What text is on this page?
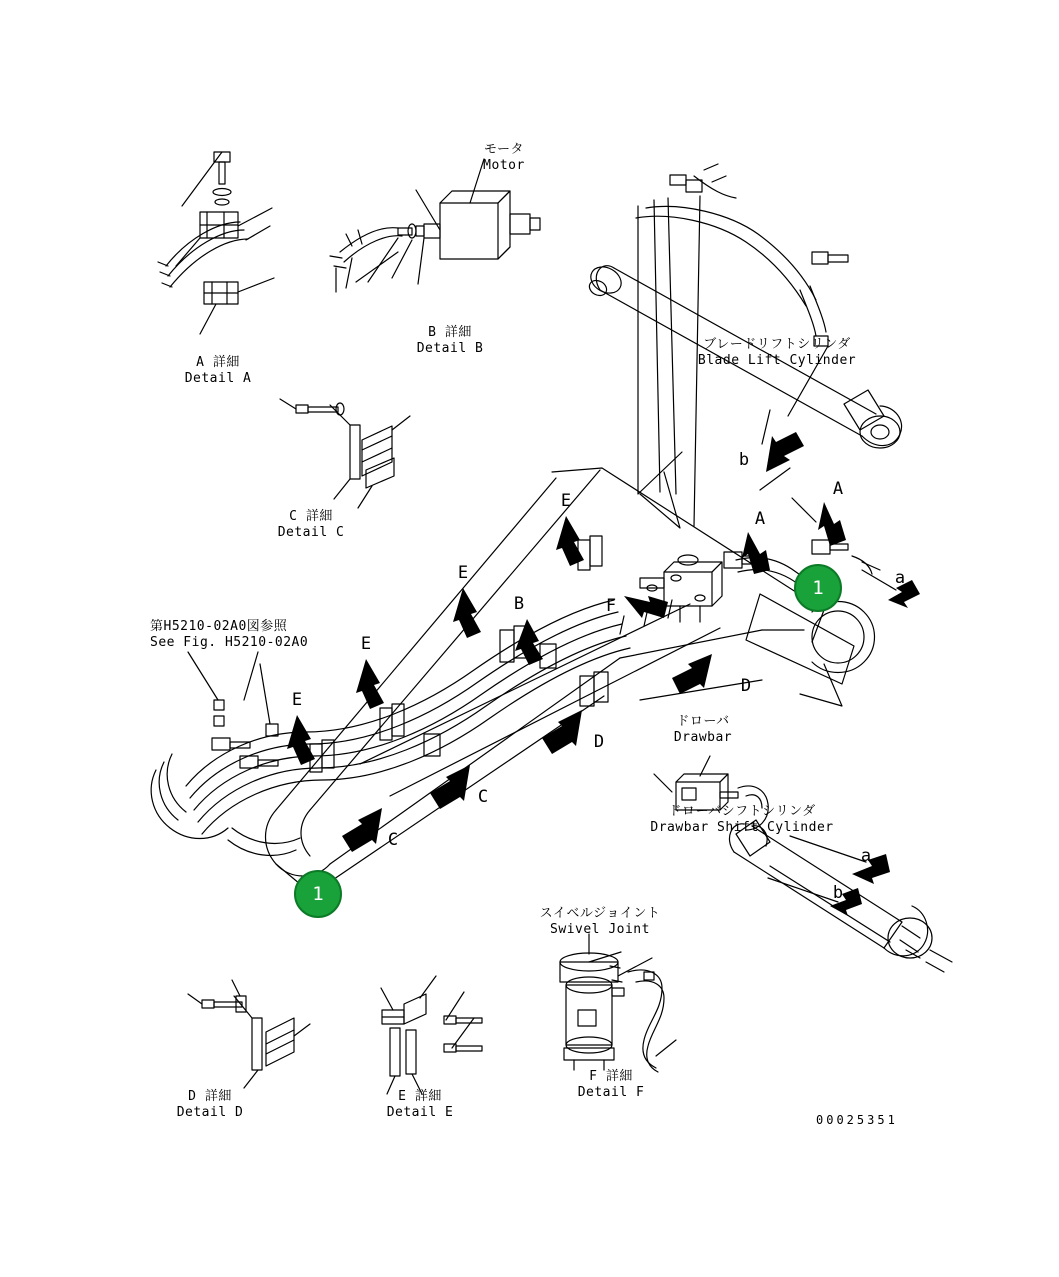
A 詳細
Detail A
B 詳細
Detail B
C 詳細
Detail C
D 詳細
Detail D
E 詳細
Detail E
F 詳細
Detail F
モータ
Motor
ブレードリフトシリンダ
Blade Lift Cylinder
ドローバ
Drawbar
ドローバシフトシリンダ
Drawbar Shift Cylinder
スイベルジョイント
Swivel Joint
第H5210-02A0図参照
See Fig. H5210-02A0
1
1
A
A
a
b
B
E
E
E
E
F
D
D
C
C
a
b
00025351
